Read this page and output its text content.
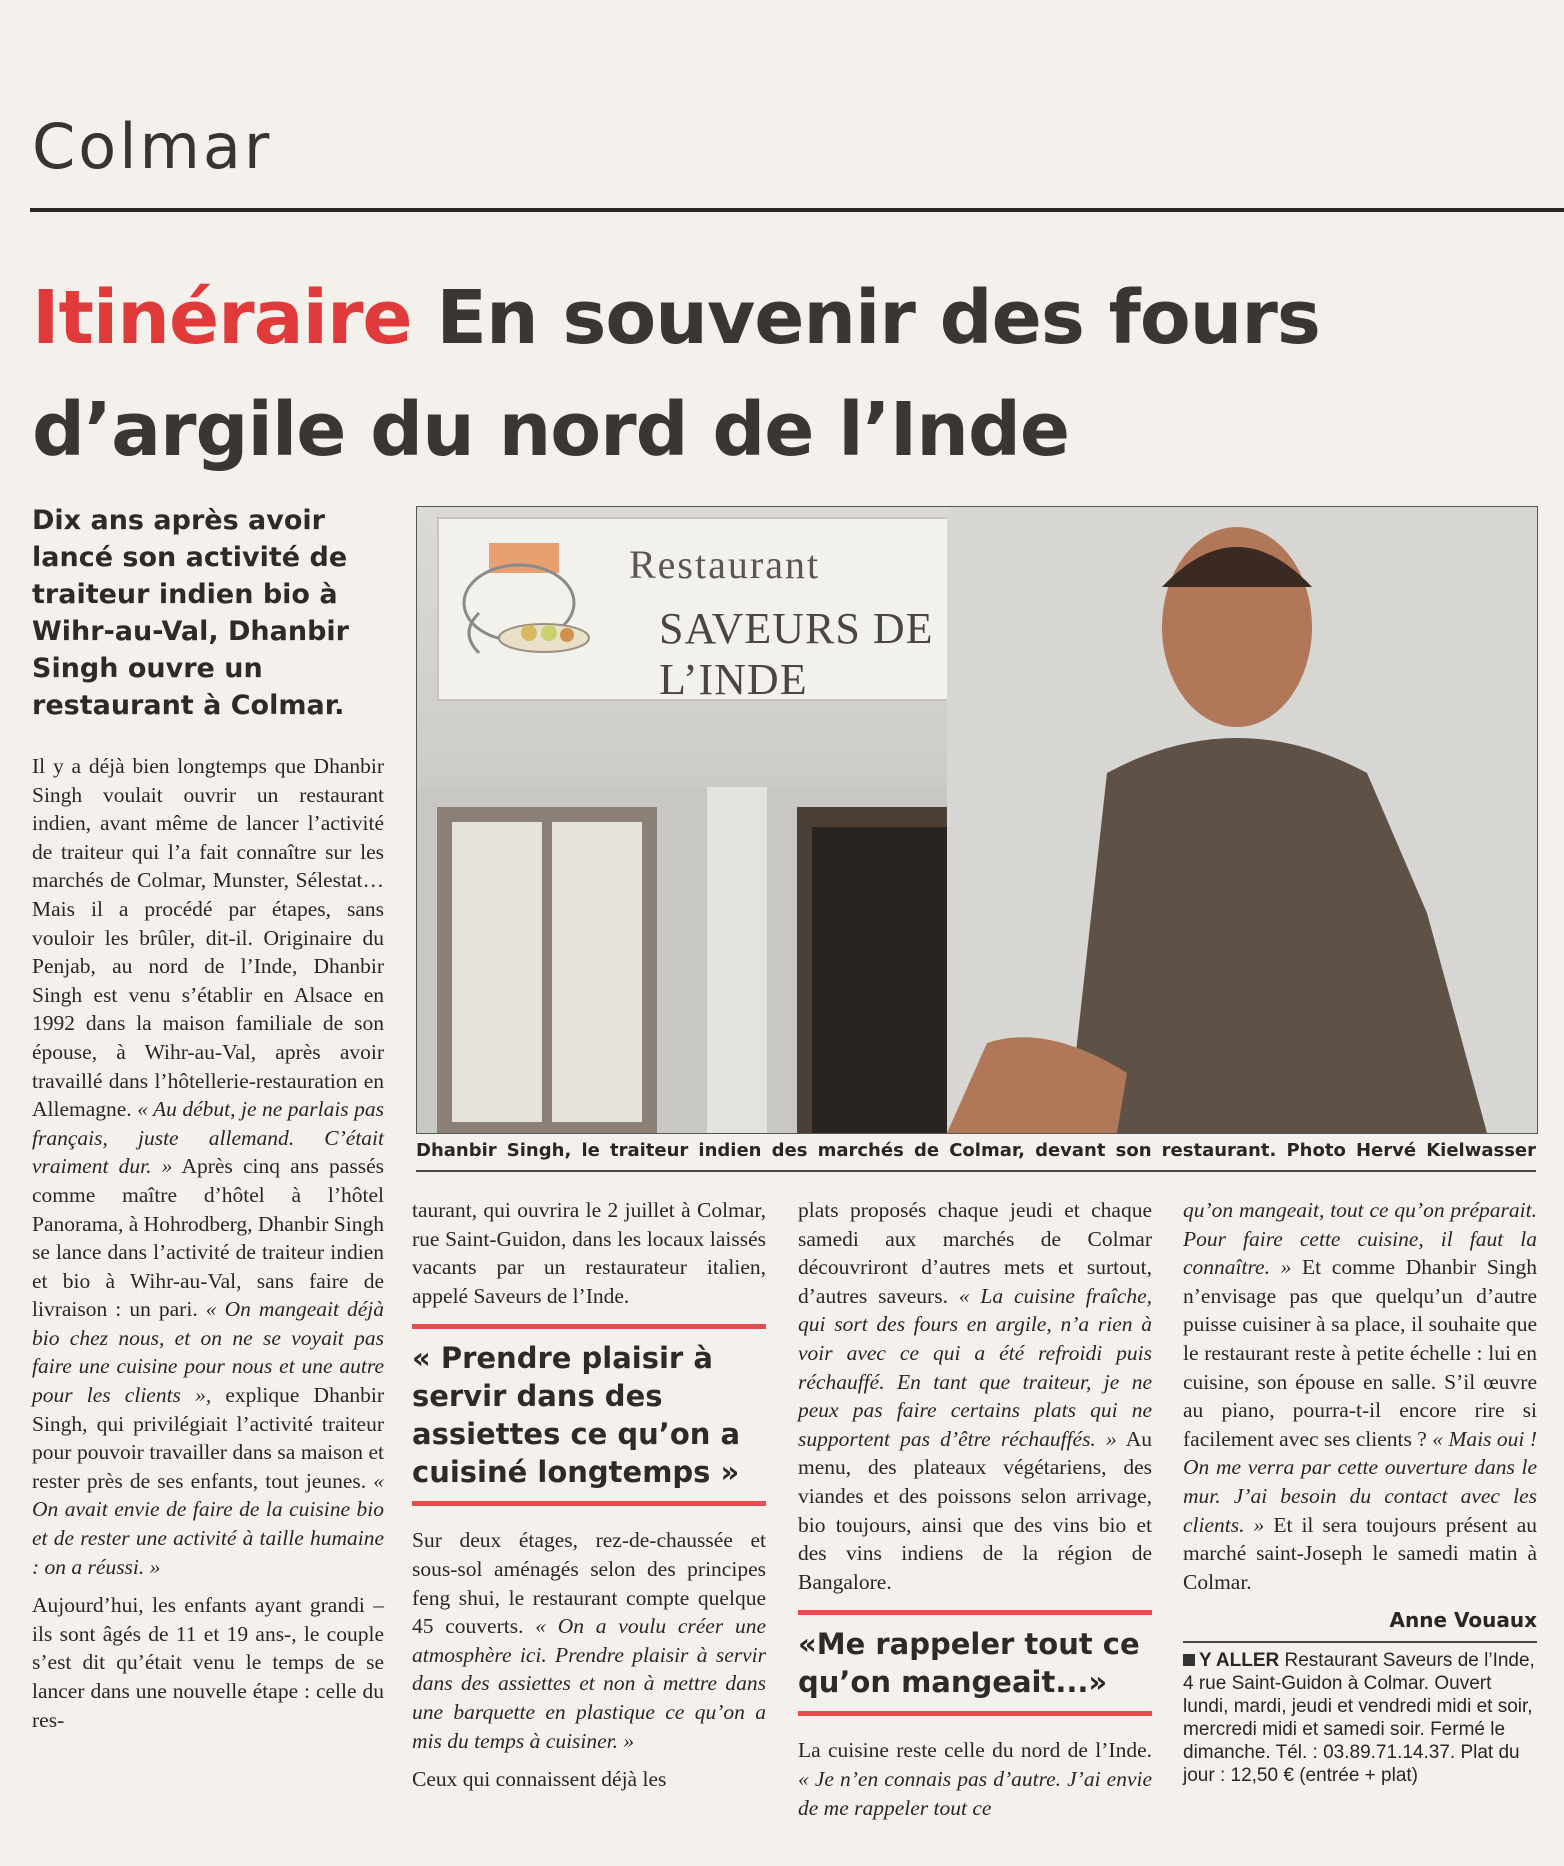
Colmar
Itinéraire En souvenir des fours d’argile du nord de l’Inde
Dix ans après avoir lancé son activité de traiteur indien bio à Wihr-au-Val, Dhanbir Singh ouvre un restaurant à Colmar.
Restaurant
SAVEURS DE L’INDE
Dhanbir Singh, le traiteur indien des marchés de Colmar, devant son restaurant. Photo Hervé Kielwasser

Il y a déjà bien longtemps que Dhanbir Singh voulait ouvrir un restaurant indien, avant même de lancer l’activité de traiteur qui l’a fait connaître sur les marchés de Colmar, Munster, Sélestat… Mais il a procédé par étapes, sans vouloir les brûler, dit-il. Originaire du Penjab, au nord de l’Inde, Dhanbir Singh est venu s’établir en Alsace en 1992 dans la maison familiale de son épouse, à Wihr-au-Val, après avoir travaillé dans l’hôtellerie-restauration en Allemagne. « Au début, je ne parlais pas français, juste allemand. C’était vraiment dur. » Après cinq ans passés comme maître d’hôtel à l’hôtel Panorama, à Hohrodberg, Dhanbir Singh se lance dans l’activité de traiteur indien et bio à Wihr-au-Val, sans faire de livraison : un pari. « On mangeait déjà bio chez nous, et on ne se voyait pas faire une cuisine pour nous et une autre pour les clients », explique Dhanbir Singh, qui privilégiait l’activité traiteur pour pouvoir travailler dans sa maison et rester près de ses enfants, tout jeunes. « On avait envie de faire de la cuisine bio et de rester une activité à taille humaine : on a réussi. »

Aujourd’hui, les enfants ayant grandi – ils sont âgés de 11 et 19 ans-, le couple s’est dit qu’était venu le temps de se lancer dans une nouvelle étape : celle du res-

taurant, qui ouvrira le 2 juillet à Colmar, rue Saint-Guidon, dans les locaux laissés vacants par un restaurateur italien, appelé Saveurs de l’Inde.

« Prendre plaisir à servir dans des assiettes ce qu’on a cuisiné longtemps »

Sur deux étages, rez-de-chaussée et sous-sol aménagés selon des principes feng shui, le restaurant compte quelque 45 couverts. « On a voulu créer une atmosphère ici. Prendre plaisir à servir dans des assiettes et non à mettre dans une barquette en plastique ce qu’on a mis du temps à cuisiner. »

Ceux qui connaissent déjà les

plats proposés chaque jeudi et chaque samedi aux marchés de Colmar découvriront d’autres mets et surtout, d’autres saveurs. « La cuisine fraîche, qui sort des fours en argile, n’a rien à voir avec ce qui a été refroidi puis réchauffé. En tant que traiteur, je ne peux pas faire certains plats qui ne supportent pas d’être réchauffés. » Au menu, des plateaux végétariens, des viandes et des poissons selon arrivage, bio toujours, ainsi que des vins bio et des vins indiens de la région de Bangalore.

«Me rappeler tout ce qu’on mangeait...»

La cuisine reste celle du nord de l’Inde. « Je n’en connais pas d’autre. J’ai envie de me rappeler tout ce

qu’on mangeait, tout ce qu’on préparait. Pour faire cette cuisine, il faut la connaître. » Et comme Dhanbir Singh n’envisage pas que quelqu’un d’autre puisse cuisiner à sa place, il souhaite que le restaurant reste à petite échelle : lui en cuisine, son épouse en salle. S’il œuvre au piano, pourra-t-il encore rire si facilement avec ses clients ? « Mais oui ! On me verra par cette ouverture dans le mur. J’ai besoin du contact avec les clients. » Et il sera toujours présent au marché saint-Joseph le samedi matin à Colmar.

Anne Vouaux
Y ALLER Restaurant Saveurs de l’Inde, 4 rue Saint-Guidon à Colmar. Ouvert lundi, mardi, jeudi et vendredi midi et soir, mercredi midi et samedi soir. Fermé le dimanche. Tél. : 03.89.71.14.37. Plat du jour : 12,50 € (entrée + plat)
